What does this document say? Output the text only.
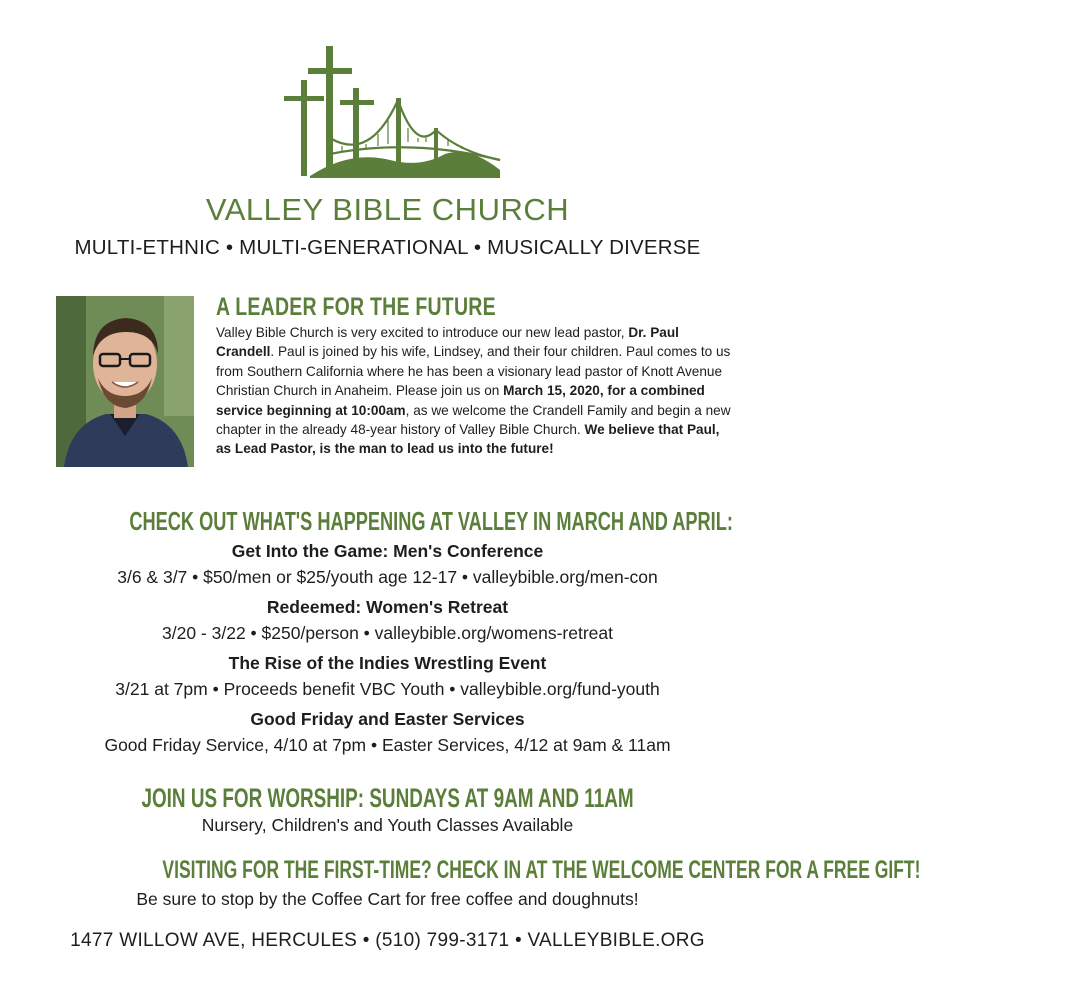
VALLEY BIBLE CHURCH
MULTI-ETHNIC • MULTI-GENERATIONAL • MUSICALLY DIVERSE
A LEADER FOR THE FUTURE
Valley Bible Church is very excited to introduce our new lead pastor, Dr. Paul Crandell. Paul is joined by his wife, Lindsey, and their four children. Paul comes to us from Southern California where he has been a visionary lead pastor of Knott Avenue Christian Church in Anaheim. Please join us on March 15, 2020, for a combined service beginning at 10:00am, as we welcome the Crandell Family and begin a new chapter in the already 48-year history of Valley Bible Church. We believe that Paul, as Lead Pastor, is the man to lead us into the future!
CHECK OUT WHAT'S HAPPENING AT VALLEY IN MARCH AND APRIL:
Get Into the Game: Men's Conference
3/6 & 3/7 • $50/men or $25/youth age 12-17 • valleybible.org/men-con
Redeemed: Women's Retreat
3/20 - 3/22 • $250/person • valleybible.org/womens-retreat
The Rise of the Indies Wrestling Event
3/21 at 7pm • Proceeds benefit VBC Youth • valleybible.org/fund-youth
Good Friday and Easter Services
Good Friday Service, 4/10 at 7pm • Easter Services, 4/12 at 9am & 11am
JOIN US FOR WORSHIP: SUNDAYS AT 9AM AND 11AM
Nursery, Children's and Youth Classes Available
VISITING FOR THE FIRST-TIME? CHECK IN AT THE WELCOME CENTER FOR A FREE GIFT!
Be sure to stop by the Coffee Cart for free coffee and doughnuts!
1477 WILLOW AVE, HERCULES • (510) 799-3171 • VALLEYBIBLE.ORG
